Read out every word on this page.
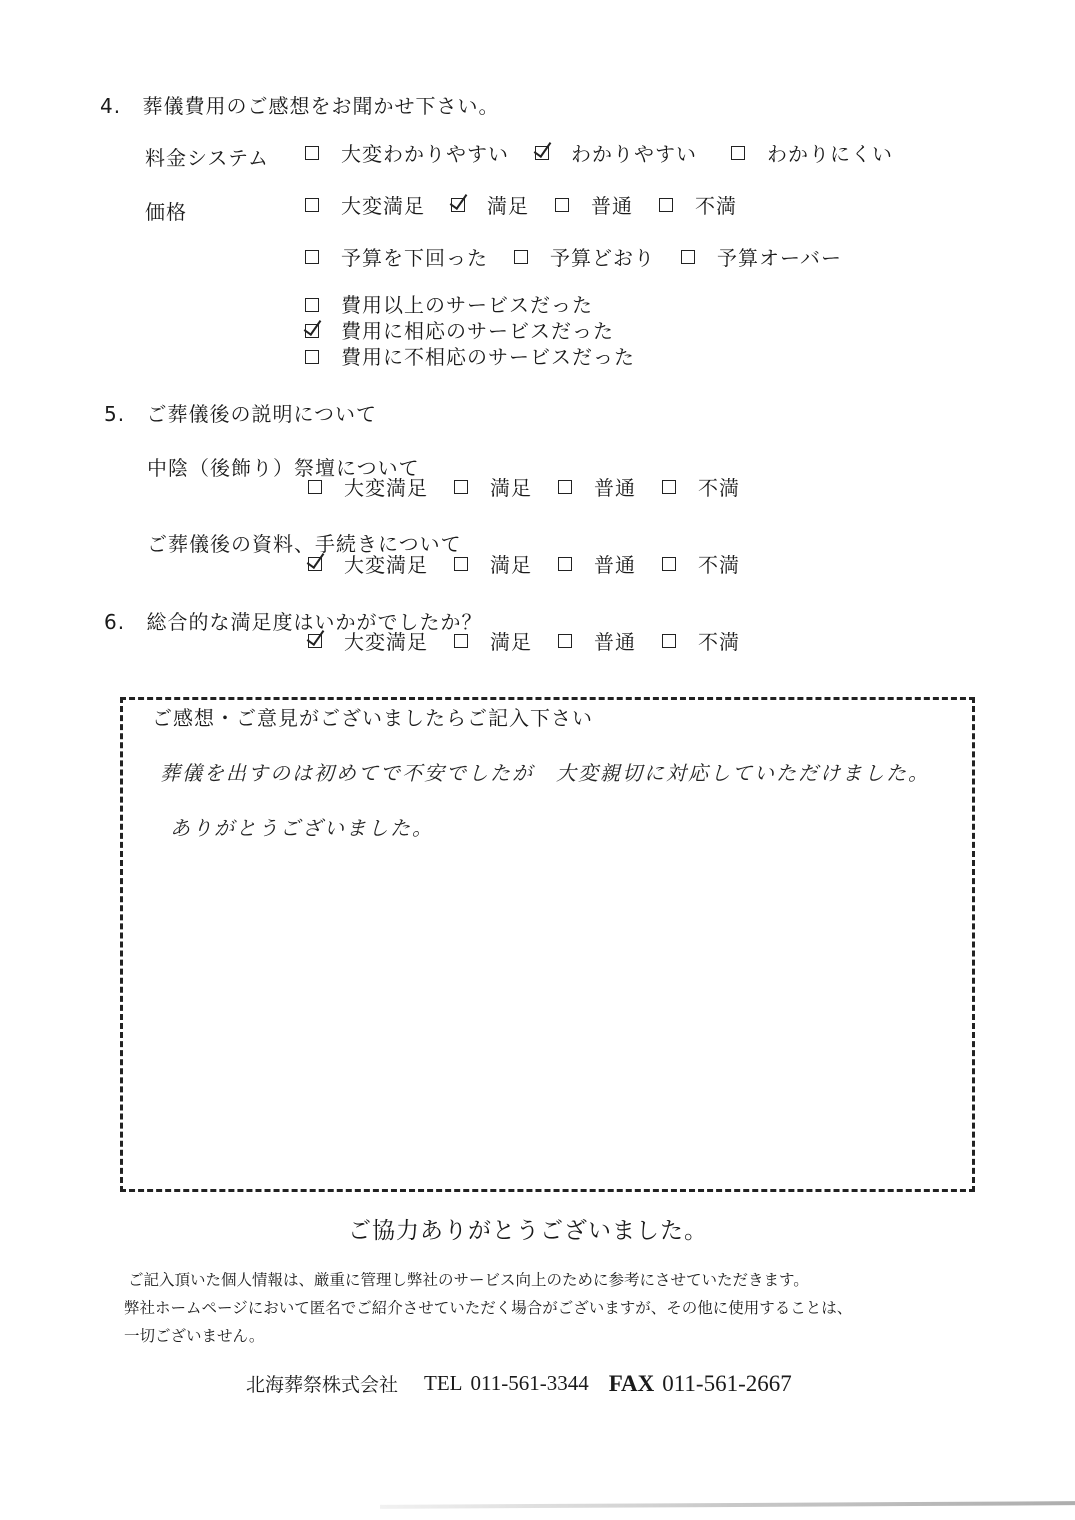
4. 葬儀費用のご感想をお聞かせ下さい。
料金システム	大変わかりやすい	わかりやすい	わかりにくい
価格	大変満足	満足	普通	不満
予算を下回った	予算どおり	予算オーバー
費用以上のサービスだった
費用に相応のサービスだった
費用に不相応のサービスだった
5. ご葬儀後の説明について
中陰（後飾り）祭壇について
大変満足	満足	普通	不満
ご葬儀後の資料、手続きについて
大変満足	満足	普通	不満
6. 総合的な満足度はいかがでしたか？
大変満足	満足	普通	不満
ご感想・ご意見がございましたらご記入下さい
葬儀を出すのは初めてで不安でしたが　大変親切に対応していただけました。
ありがとうございました。
ご協力ありがとうございました。
ご記入頂いた個人情報は、厳重に管理し弊社のサービス向上のために参考にさせていただきます。
弊社ホームページにおいて匿名でご紹介させていただく場合がございますが、その他に使用することは、
一切ございません。
北海葬祭株式会社 TEL 011-561-3344 FAX 011-561-2667
